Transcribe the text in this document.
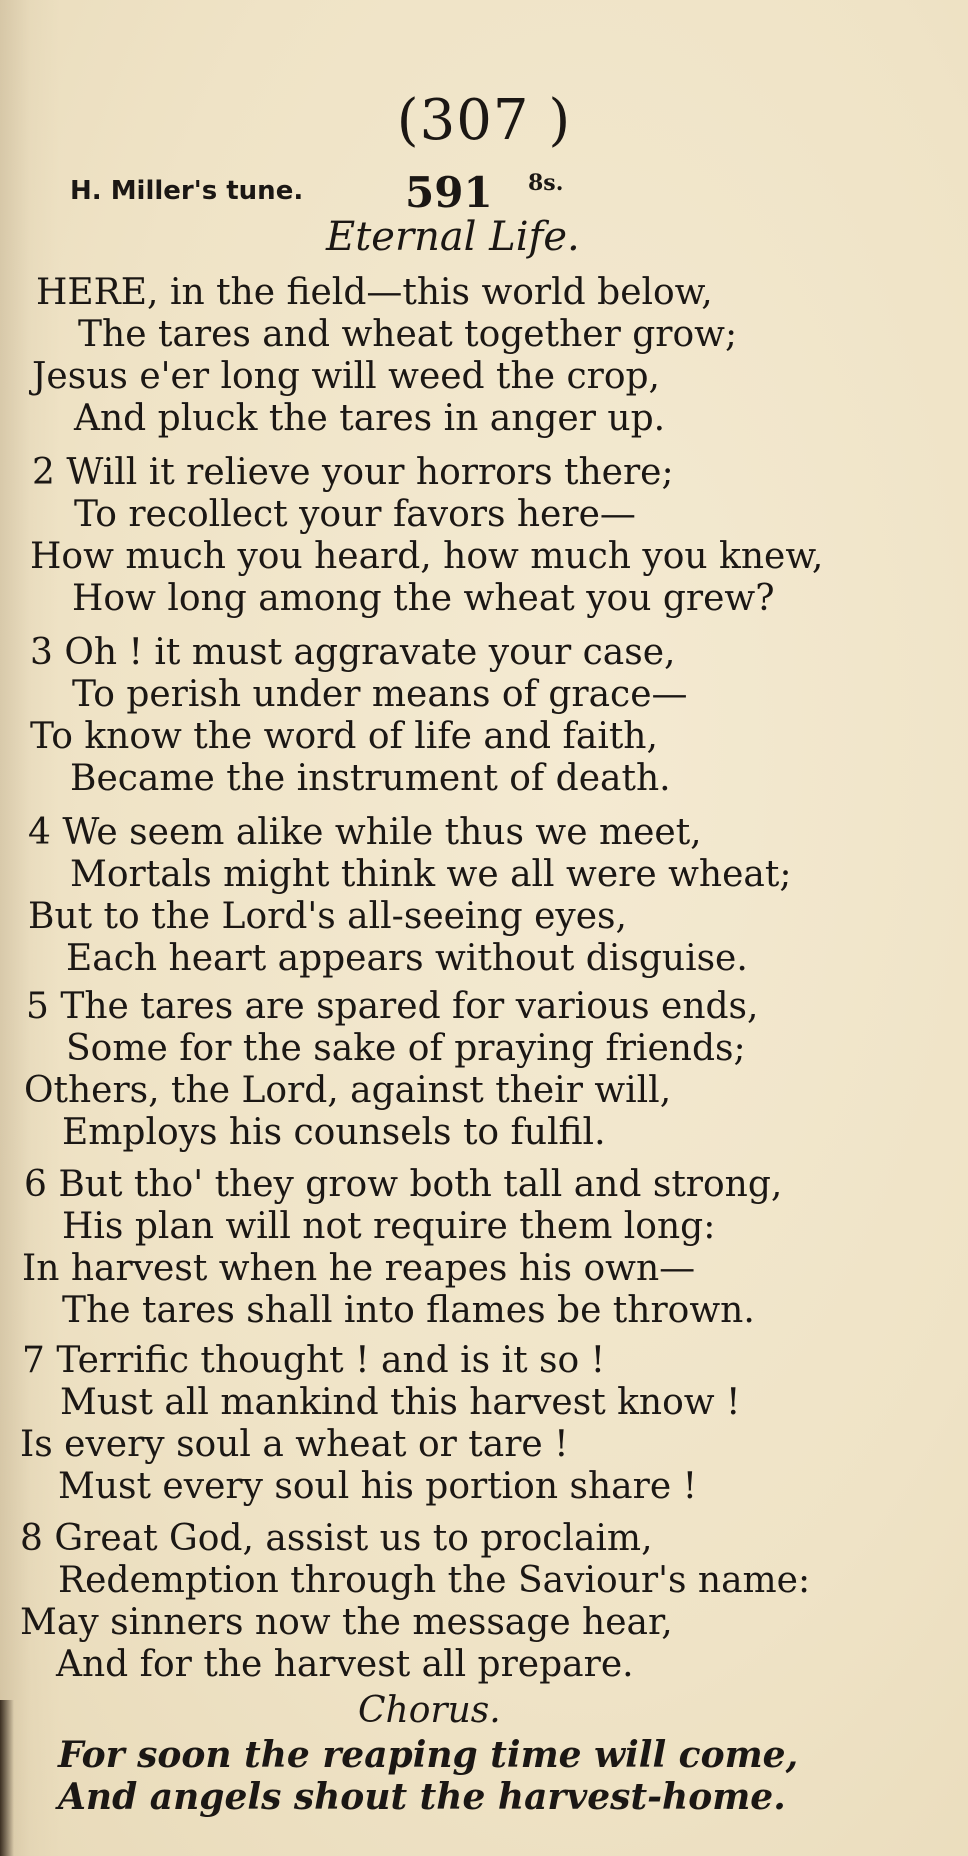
(307 )
H. Miller's tune. 591 8s.
Eternal Life.
HERE, in the field—this world below,
The tares and wheat together grow;
Jesus e'er long will weed the crop,
And pluck the tares in anger up.
2 Will it relieve your horrors there;
To recollect your favors here—
How much you heard, how much you knew,
How long among the wheat you grew?
3 Oh ! it must aggravate your case,
To perish under means of grace—
To know the word of life and faith,
Became the instrument of death.
4 We seem alike while thus we meet,
Mortals might think we all were wheat;
But to the Lord's all-seeing eyes,
Each heart appears without disguise.
5 The tares are spared for various ends,
Some for the sake of praying friends;
Others, the Lord, against their will,
Employs his counsels to fulfil.
6 But tho' they grow both tall and strong,
His plan will not require them long:
In harvest when he reapes his own—
The tares shall into flames be thrown.
7 Terrific thought ! and is it so !
Must all mankind this harvest know !
Is every soul a wheat or tare !
Must every soul his portion share !
8 Great God, assist us to proclaim,
Redemption through the Saviour's name:
May sinners now the message hear,
And for the harvest all prepare.
Chorus.
For soon the reaping time will come,
And angels shout the harvest-home.
